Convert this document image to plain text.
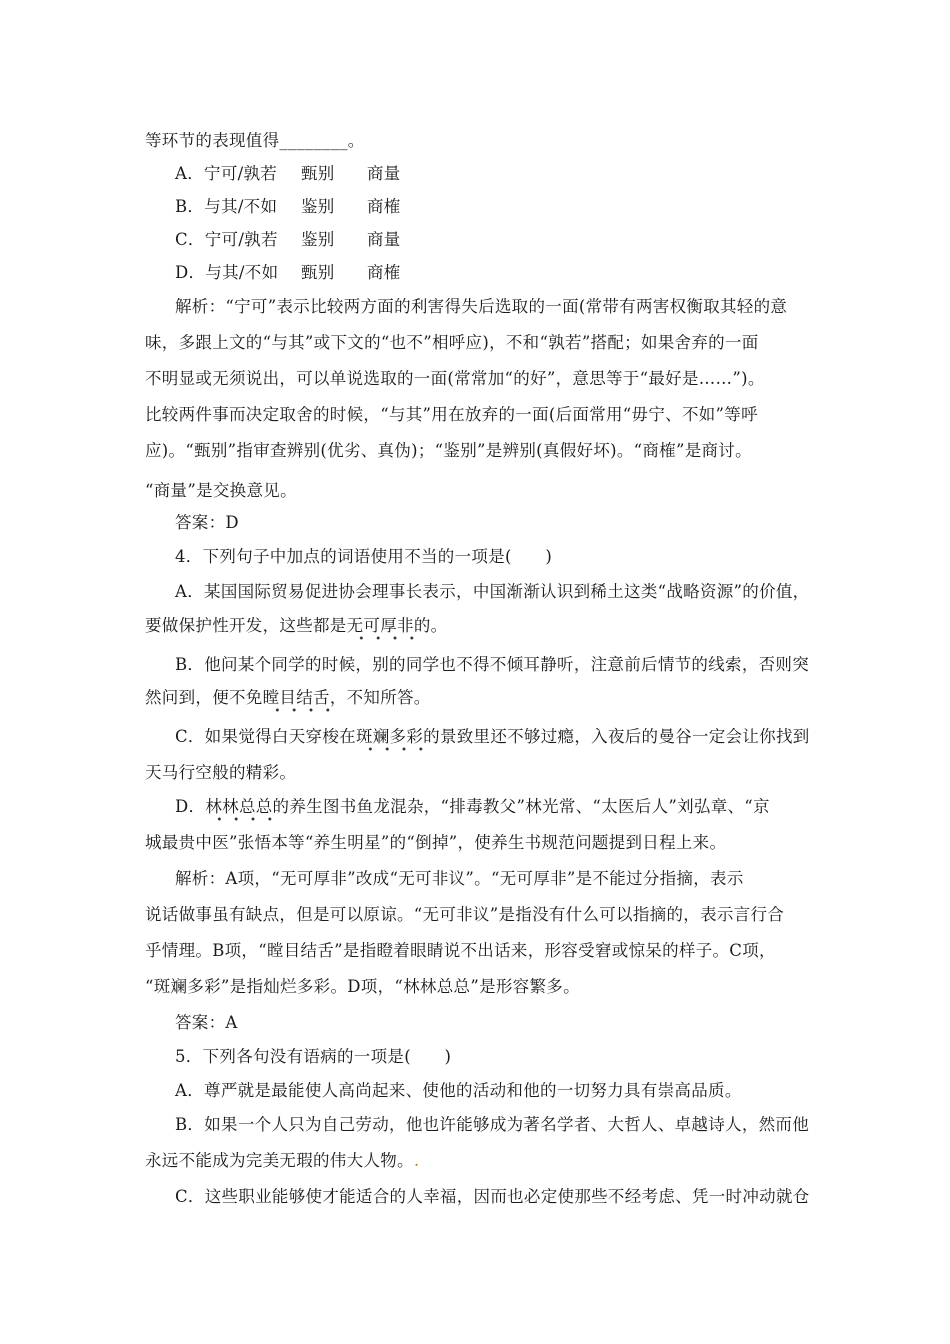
等环节的表现值得________。
A．宁可/孰若 甄别 商量
B．与其/不如 鉴别 商榷
C．宁可/孰若 鉴别 商量
D．与其/不如 甄别 商榷
解析：“宁可”表示比较两方面的利害得失后选取的一面(常带有两害权衡取其轻的意
味，多跟上文的“与其”或下文的“也不”相呼应)，不和“孰若”搭配；如果舍弃的一面
不明显或无须说出，可以单说选取的一面(常常加“的好”，意思等于“最好是……”)。
比较两件事而决定取舍的时候，“与其”用在放弃的一面(后面常用“毋宁、不如”等呼
应)。“甄别”指审查辨别(优劣、真伪)；“鉴别”是辨别(真假好坏)。“商榷”是商讨。
“商量”是交换意见。
答案：D
4．下列句子中加点的词语使用不当的一项是(　　)
A．某国国际贸易促进协会理事长表示，中国渐渐认识到稀土这类“战略资源”的价值，
要做保护性开发，这些都是无可厚非的。
B．他问某个同学的时候，别的同学也不得不倾耳静听，注意前后情节的线索，否则突
然问到，便不免瞠目结舌，不知所答。
C．如果觉得白天穿梭在斑斓多彩的景致里还不够过瘾，入夜后的曼谷一定会让你找到
天马行空般的精彩。
D．林林总总的养生图书鱼龙混杂，“排毒教父”林光常、“太医后人”刘弘章、“京
城最贵中医”张悟本等“养生明星”的“倒掉”，使养生书规范问题提到日程上来。
解析：A项，“无可厚非”改成“无可非议”。“无可厚非”是不能过分指摘，表示
说话做事虽有缺点，但是可以原谅。“无可非议”是指没有什么可以指摘的，表示言行合
乎情理。B项，“瞠目结舌”是指瞪着眼睛说不出话来，形容受窘或惊呆的样子。C项，
“斑斓多彩”是指灿烂多彩。D项，“林林总总”是形容繁多。
答案：A
5．下列各句没有语病的一项是(　　)
A．尊严就是最能使人高尚起来、使他的活动和他的一切努力具有崇高品质。
B．如果一个人只为自己劳动，他也许能够成为著名学者、大哲人、卓越诗人，然而他
永远不能成为完美无瑕的伟大人物。.
C．这些职业能够使才能适合的人幸福，因而也必定使那些不经考虑、凭一时冲动就仓
